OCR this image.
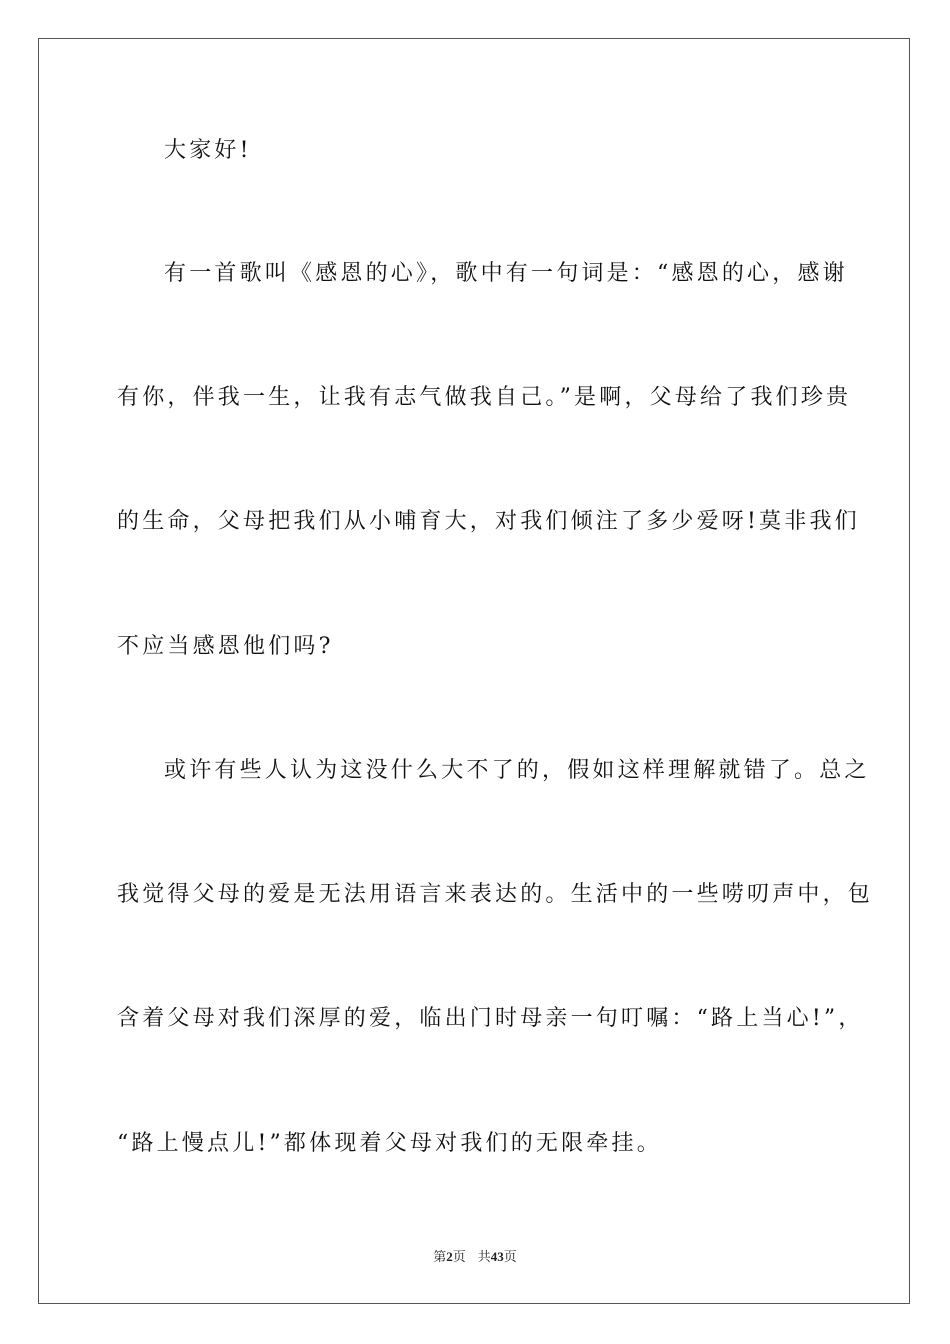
大家好!
有一首歌叫《感恩的心》，歌中有一句词是：“感恩的心，感谢
有你，伴我一生，让我有志气做我自己。”是啊，父母给了我们珍贵
的生命，父母把我们从小哺育大，对我们倾注了多少爱呀!莫非我们
不应当感恩他们吗?
或许有些人认为这没什么大不了的，假如这样理解就错了。总之
我觉得父母的爱是无法用语言来表达的。生活中的一些唠叨声中，包
含着父母对我们深厚的爱，临出门时母亲一句叮嘱：“路上当心!”，
“路上慢点儿!”都体现着父母对我们的无限牵挂。
第2页 共43页
